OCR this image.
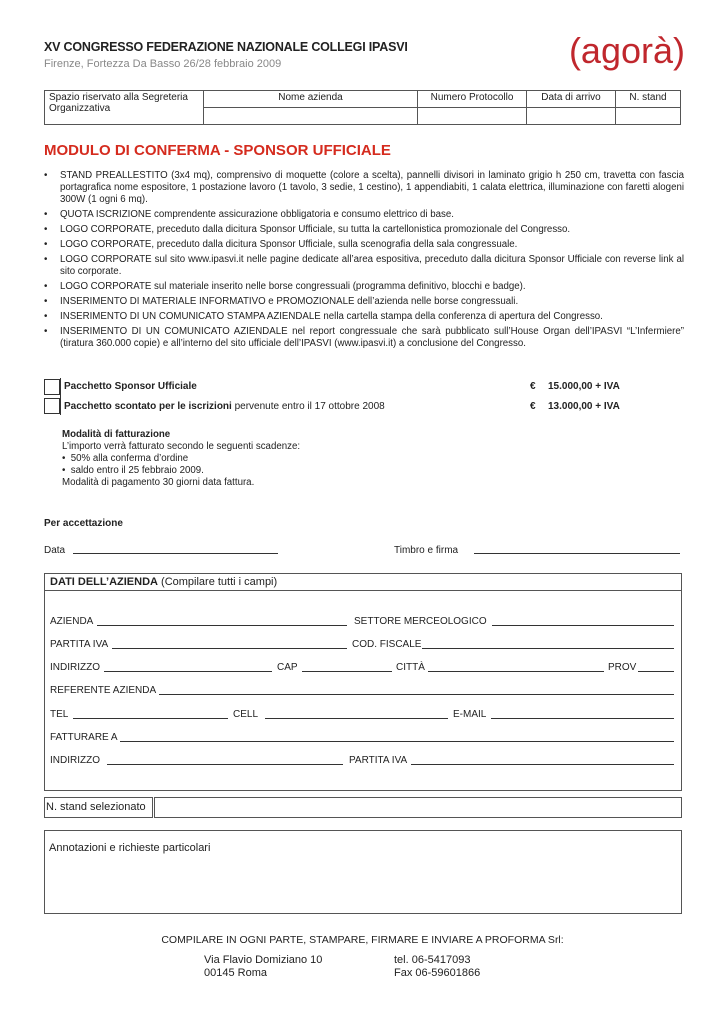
XV CONGRESSO FEDERAZIONE NAZIONALE COLLEGI IPASVI
Firenze, Fortezza Da Basso 26/28 febbraio 2009	(agorà)
Spazio riservato alla Segreteria Organizzativa	Nome azienda	Numero Protocollo	Data di arrivo	N. stand

MODULO DI CONFERMA - SPONSOR UFFICIALE
• STAND PREALLESTITO (3x4 mq), comprensivo di moquette (colore a scelta), pannelli divisori in laminato grigio h 250 cm, travetta con fascia portagrafica nome espositore, 1 postazione lavoro (1 tavolo, 3 sedie, 1 cestino), 1 appendiabiti, 1 calata elettrica, illuminazione con faretti alogeni 300W (1 ogni 6 mq).
• QUOTA ISCRIZIONE comprendente assicurazione obbligatoria e consumo elettrico di base.
• LOGO CORPORATE, preceduto dalla dicitura Sponsor Ufficiale, su tutta la cartellonistica promozionale del Congresso.
• LOGO CORPORATE, preceduto dalla dicitura Sponsor Ufficiale, sulla scenografia della sala congressuale.
• LOGO CORPORATE sul sito www.ipasvi.it nelle pagine dedicate all’area espositiva, preceduto dalla dicitura Sponsor Ufficiale con reverse link al sito corporate.
• LOGO CORPORATE sul materiale inserito nelle borse congressuali (programma definitivo, blocchi e badge).
• INSERIMENTO DI MATERIALE INFORMATIVO e PROMOZIONALE dell’azienda nelle borse congressuali.
• INSERIMENTO DI UN COMUNICATO STAMPA AZIENDALE nella cartella stampa della conferenza di apertura del Congresso.
• INSERIMENTO DI UN COMUNICATO AZIENDALE nel report congressuale che sarà pubblicato sull’House Organ dell’IPASVI “L’Infermiere” (tiratura 360.000 copie) e all’interno del sito ufficiale dell’IPASVI (www.ipasvi.it) a conclusione del Congresso.
Pacchetto Sponsor Ufficiale	€ 15.000,00 + IVA
Pacchetto scontato per le iscrizioni pervenute entro il 17 ottobre 2008	€ 13.000,00 + IVA
Modalità di fatturazione
L’importo verrà fatturato secondo le seguenti scadenze:
•  50% alla conferma d’ordine
•  saldo entro il 25 febbraio 2009.
Modalità di pagamento 30 giorni data fattura.
Per accettazione
Data	Timbro e firma
DATI DELL’AZIENDA (Compilare tutti i campi)
AZIENDA	SETTORE MERCEOLOGICO
PARTITA IVA	COD. FISCALE
INDIRIZZO	CAP	CITTÀ	PROV
REFERENTE AZIENDA
TEL	CELL	E-MAIL
FATTURARE A
INDIRIZZO	PARTITA IVA
N. stand selezionato
Annotazioni e richieste particolari
COMPILARE IN OGNI PARTE, STAMPARE, FIRMARE E INVIARE A PROFORMA Srl:
Via Flavio Domiziano 10
00145 Roma
tel. 06-5417093
Fax 06-59601866
